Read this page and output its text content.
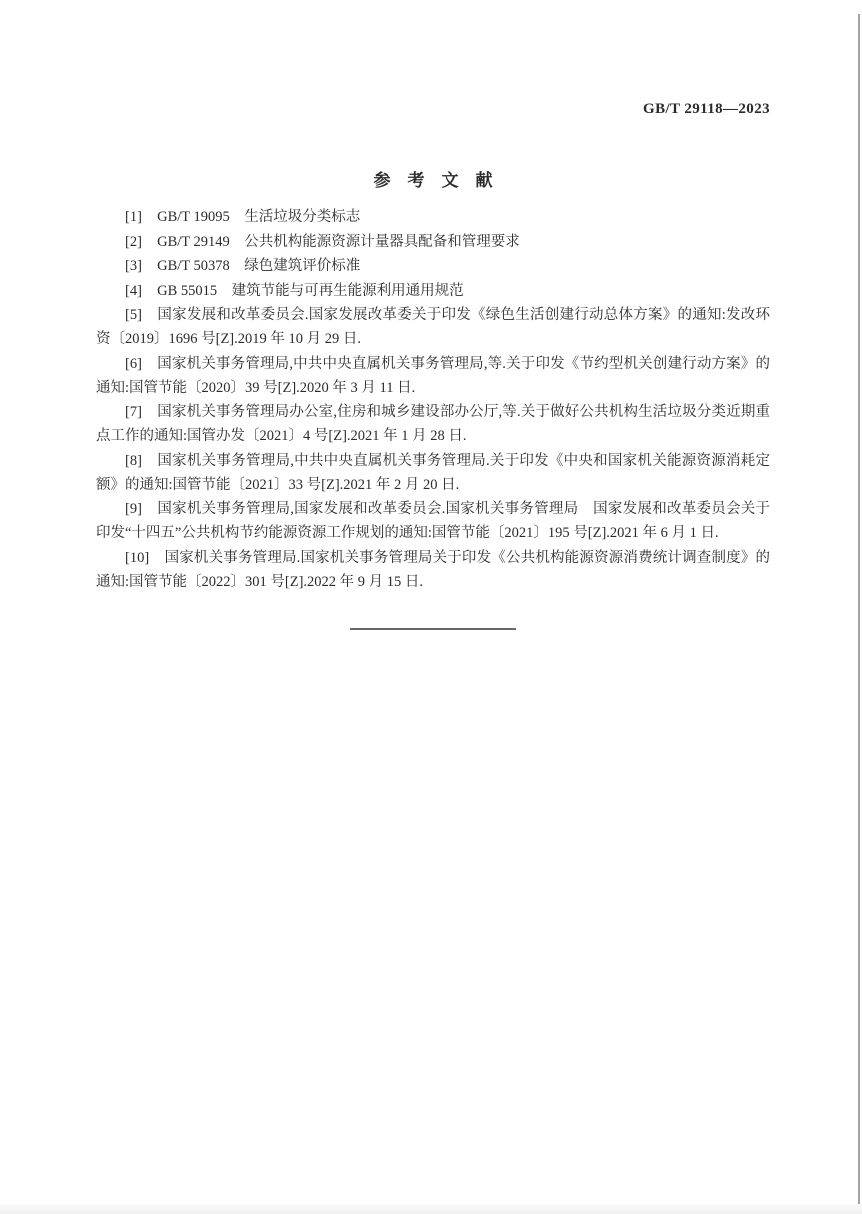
GB/T 29118—2023
参考文献

[1] GB/T 19095　生活垃圾分类标志

[2] GB/T 29149　公共机构能源资源计量器具配备和管理要求

[3] GB/T 50378　绿色建筑评价标准

[4] GB 55015　建筑节能与可再生能源利用通用规范

[5] 国家发展和改革委员会.国家发展改革委关于印发《绿色生活创建行动总体方案》的通知:发改环资〔2019〕1696 号[Z].2019 年 10 月 29 日.

[6] 国家机关事务管理局,中共中央直属机关事务管理局,等.关于印发《节约型机关创建行动方案》的通知:国管节能〔2020〕39 号[Z].2020 年 3 月 11 日.

[7] 国家机关事务管理局办公室,住房和城乡建设部办公厅,等.关于做好公共机构生活垃圾分类近期重点工作的通知:国管办发〔2021〕4 号[Z].2021 年 1 月 28 日.

[8] 国家机关事务管理局,中共中央直属机关事务管理局.关于印发《中央和国家机关能源资源消耗定额》的通知:国管节能〔2021〕33 号[Z].2021 年 2 月 20 日.

[9] 国家机关事务管理局,国家发展和改革委员会.国家机关事务管理局　国家发展和改革委员会关于印发“十四五”公共机构节约能源资源工作规划的通知:国管节能〔2021〕195 号[Z].2021 年 6 月 1 日.

[10] 国家机关事务管理局.国家机关事务管理局关于印发《公共机构能源资源消费统计调查制度》的通知:国管节能〔2022〕301 号[Z].2022 年 9 月 15 日.
